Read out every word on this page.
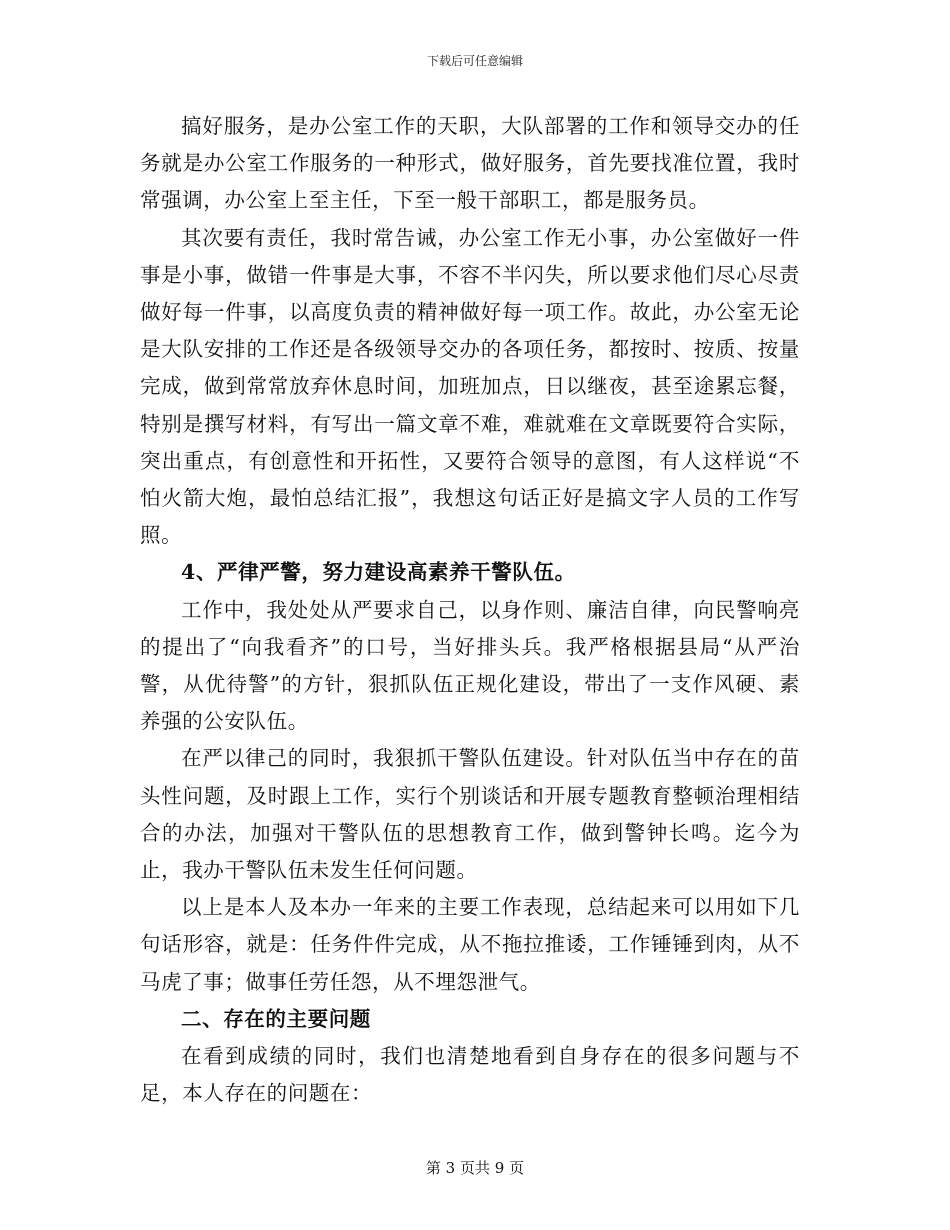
下载后可任意编辑

搞好服务，是办公室工作的天职，大队部署的工作和领导交办的任务就是办公室工作服务的一种形式，做好服务，首先要找准位置，我时常强调，办公室上至主任，下至一般干部职工，都是服务员。

其次要有责任，我时常告诫，办公室工作无小事，办公室做好一件事是小事，做错一件事是大事，不容不半闪失，所以要求他们尽心尽责做好每一件事，以高度负责的精神做好每一项工作。故此，办公室无论是大队安排的工作还是各级领导交办的各项任务，都按时、按质、按量完成，做到常常放弃休息时间，加班加点，日以继夜，甚至途累忘餐，特别是撰写材料，有写出一篇文章不难，难就难在文章既要符合实际，突出重点，有创意性和开拓性，又要符合领导的意图，有人这样说“不怕火箭大炮，最怕总结汇报”，我想这句话正好是搞文字人员的工作写照。

4、严律严警，努力建设高素养干警队伍。

工作中，我处处从严要求自己，以身作则、廉洁自律，向民警响亮的提出了“向我看齐”的口号，当好排头兵。我严格根据县局“从严治警，从优待警”的方针，狠抓队伍正规化建设，带出了一支作风硬、素养强的公安队伍。

在严以律己的同时，我狠抓干警队伍建设。针对队伍当中存在的苗头性问题，及时跟上工作，实行个别谈话和开展专题教育整顿治理相结合的办法，加强对干警队伍的思想教育工作，做到警钟长鸣。迄今为止，我办干警队伍未发生任何问题。

以上是本人及本办一年来的主要工作表现，总结起来可以用如下几句话形容，就是：任务件件完成，从不拖拉推诿，工作锤锤到肉，从不马虎了事；做事任劳任怨，从不埋怨泄气。

二、存在的主要问题

在看到成绩的同时，我们也清楚地看到自身存在的很多问题与不足，本人存在的问题在：

第 3 页共 9 页
